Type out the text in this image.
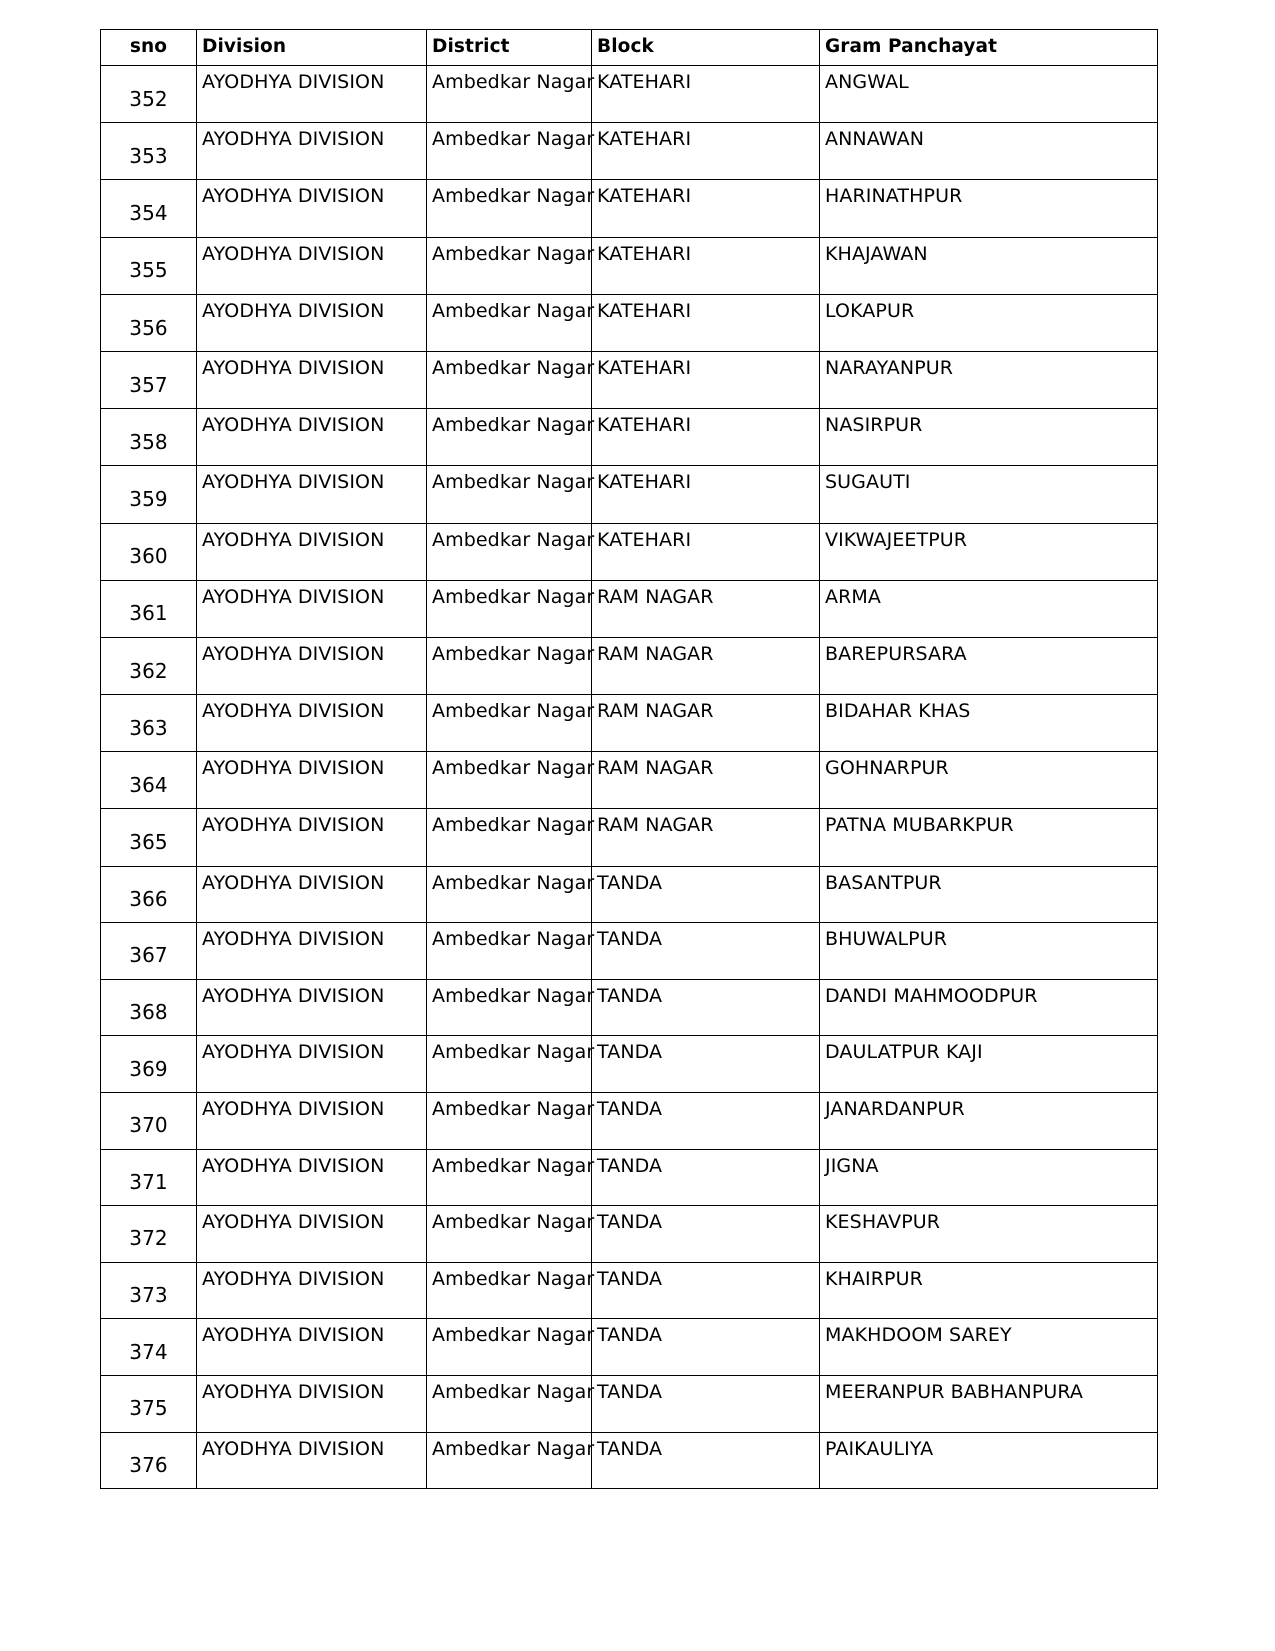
sno	Division	District	Block	Gram Panchayat
352	AYODHYA DIVISION	Ambedkar Nagar	KATEHARI	ANGWAL
353	AYODHYA DIVISION	Ambedkar Nagar	KATEHARI	ANNAWAN
354	AYODHYA DIVISION	Ambedkar Nagar	KATEHARI	HARINATHPUR
355	AYODHYA DIVISION	Ambedkar Nagar	KATEHARI	KHAJAWAN
356	AYODHYA DIVISION	Ambedkar Nagar	KATEHARI	LOKAPUR
357	AYODHYA DIVISION	Ambedkar Nagar	KATEHARI	NARAYANPUR
358	AYODHYA DIVISION	Ambedkar Nagar	KATEHARI	NASIRPUR
359	AYODHYA DIVISION	Ambedkar Nagar	KATEHARI	SUGAUTI
360	AYODHYA DIVISION	Ambedkar Nagar	KATEHARI	VIKWAJEETPUR
361	AYODHYA DIVISION	Ambedkar Nagar	RAM NAGAR	ARMA
362	AYODHYA DIVISION	Ambedkar Nagar	RAM NAGAR	BAREPURSARA
363	AYODHYA DIVISION	Ambedkar Nagar	RAM NAGAR	BIDAHAR KHAS
364	AYODHYA DIVISION	Ambedkar Nagar	RAM NAGAR	GOHNARPUR
365	AYODHYA DIVISION	Ambedkar Nagar	RAM NAGAR	PATNA MUBARKPUR
366	AYODHYA DIVISION	Ambedkar Nagar	TANDA	BASANTPUR
367	AYODHYA DIVISION	Ambedkar Nagar	TANDA	BHUWALPUR
368	AYODHYA DIVISION	Ambedkar Nagar	TANDA	DANDI MAHMOODPUR
369	AYODHYA DIVISION	Ambedkar Nagar	TANDA	DAULATPUR KAJI
370	AYODHYA DIVISION	Ambedkar Nagar	TANDA	JANARDANPUR
371	AYODHYA DIVISION	Ambedkar Nagar	TANDA	JIGNA
372	AYODHYA DIVISION	Ambedkar Nagar	TANDA	KESHAVPUR
373	AYODHYA DIVISION	Ambedkar Nagar	TANDA	KHAIRPUR
374	AYODHYA DIVISION	Ambedkar Nagar	TANDA	MAKHDOOM SAREY
375	AYODHYA DIVISION	Ambedkar Nagar	TANDA	MEERANPUR BABHANPURA
376	AYODHYA DIVISION	Ambedkar Nagar	TANDA	PAIKAULIYA
